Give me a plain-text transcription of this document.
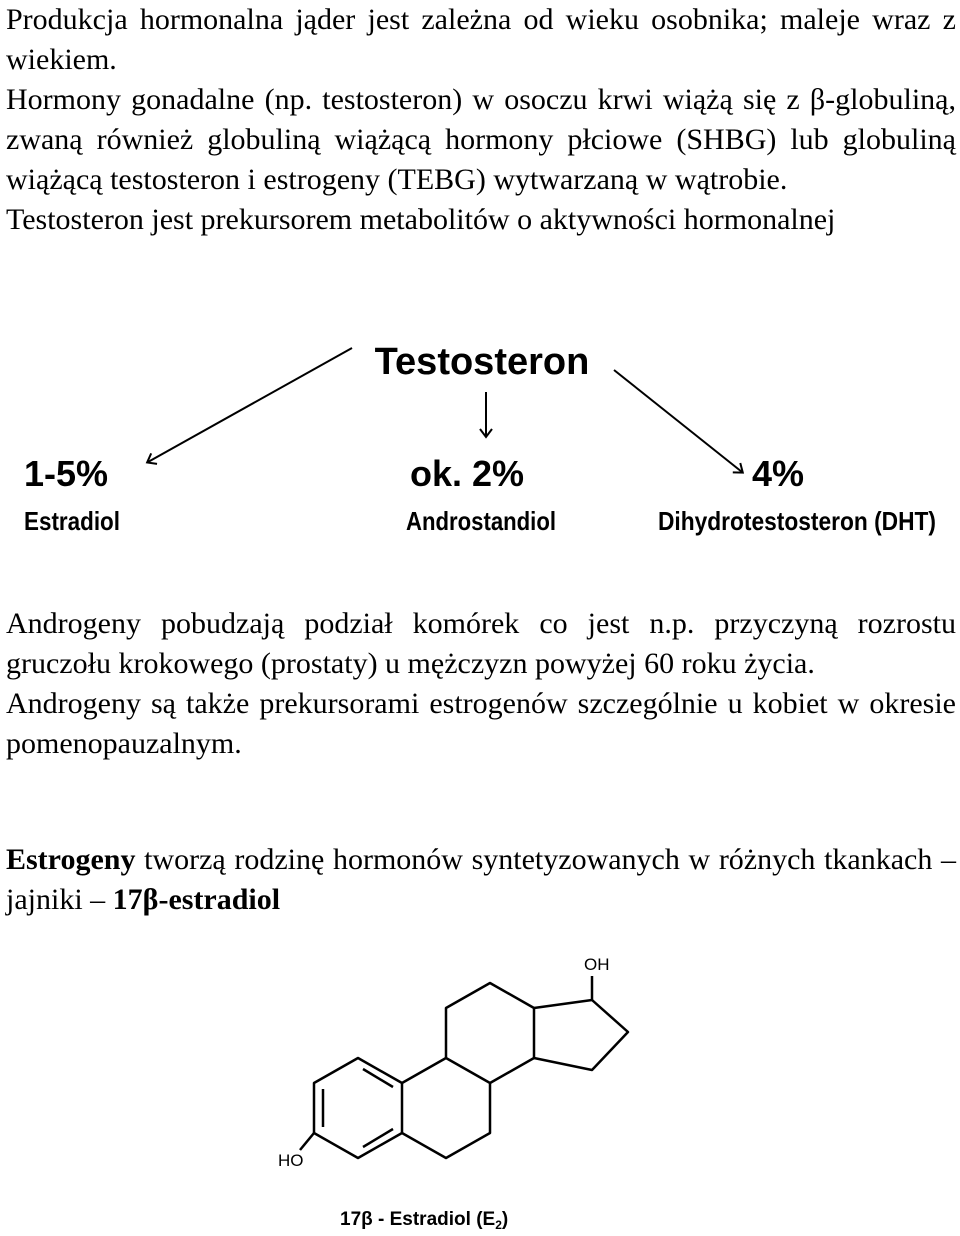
Produkcja hormonalna jąder jest zależna od wieku osobnika; maleje wraz z wiekiem.

Hormony gonadalne (np. testosteron) w osoczu krwi wiążą się z β-globuliną, zwaną również globuliną wiążącą hormony płciowe (SHBG) lub globuliną wiążącą testosteron i estrogeny (TEBG) wytwarzaną w wątrobie.

Testosteron jest prekursorem metabolitów o aktywności hormonalnej

Testosteron
1-5%
Estradiol
ok. 2%
Androstandiol
4%
Dihydrotestosteron (DHT)

Androgeny pobudzają podział komórek co jest n.p. przyczyną rozrostu gruczołu krokowego (prostaty) u mężczyzn powyżej 60 roku życia.

Androgeny są także prekursorami estrogenów szczególnie u kobiet w okresie pomenopauzalnym.

Estrogeny tworzą rodzinę hormonów syntetyzowanych w różnych tkankach – jajniki – 17β-estradiol

OH
HO
17β - Estradiol $(E_2)$
